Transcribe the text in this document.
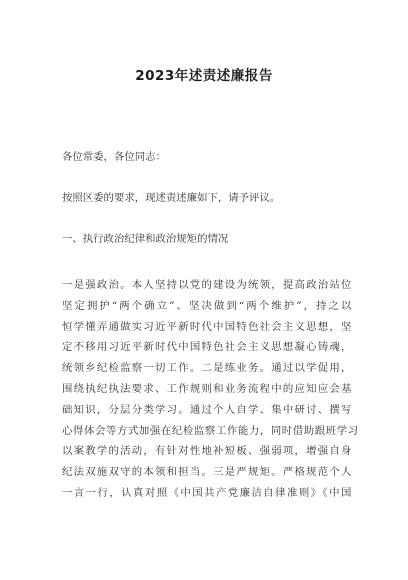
2023年述责述廉报告

各位常委，各位同志：

按照区委的要求，现述责述廉如下，请予评议。

一、执行政治纪律和政治规矩的情况

一是强政治。本人坚持以党的建设为统领，提高政治站位
坚定拥护“两个确立”、坚决做到“两个维护”，持之以
恒学懂弄通做实习近平新时代中国特色社会主义思想，坚
定不移用习近平新时代中国特色社会主义思想凝心铸魂，
统领乡纪检监察一切工作。二是练业务。通过以学促用，
围绕执纪执法要求、工作规则和业务流程中的应知应会基
础知识，分层分类学习。通过个人自学、集中研讨、撰写
心得体会等方式加强在纪检监察工作能力，同时借助跟班学习
以案教学的活动，有针对性地补短板、强弱项，增强自身
纪法双施双守的本领和担当。三是严规矩。严格规范个人
一言一行，认真对照《中国共产党廉洁自律准则》《中国
